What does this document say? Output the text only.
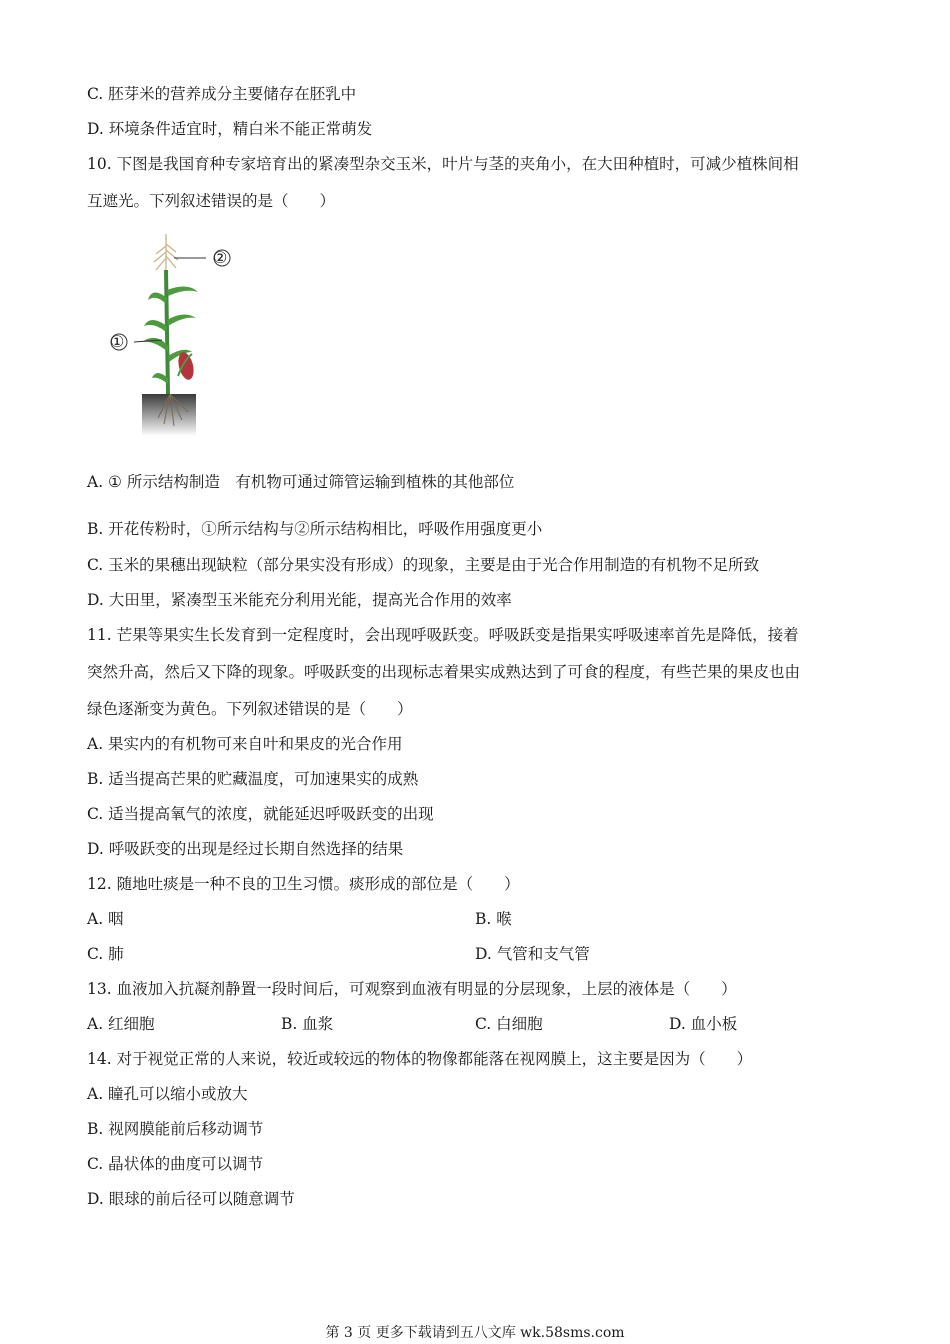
C. 胚芽米的营养成分主要储存在胚乳中
D. 环境条件适宜时，精白米不能正常萌发
10. 下图是我国育种专家培育出的紧凑型杂交玉米，叶片与茎的夹角小，在大田种植时，可减少植株间相
互遮光。下列叙述错误的是（　　）
②
①
A. ① 所示结构制造　有机物可通过筛管运输到植株的其他部位
B. 开花传粉时，①所示结构与②所示结构相比，呼吸作用强度更小
C. 玉米的果穗出现缺粒（部分果实没有形成）的现象，主要是由于光合作用制造的有机物不足所致
D. 大田里，紧凑型玉米能充分利用光能，提高光合作用的效率
11. 芒果等果实生长发育到一定程度时，会出现呼吸跃变。呼吸跃变是指果实呼吸速率首先是降低，接着
突然升高，然后又下降的现象。呼吸跃变的出现标志着果实成熟达到了可食的程度，有些芒果的果皮也由
绿色逐渐变为黄色。下列叙述错误的是（　　）
A. 果实内的有机物可来自叶和果皮的光合作用
B. 适当提高芒果的贮藏温度，可加速果实的成熟
C. 适当提高氧气的浓度，就能延迟呼吸跃变的出现
D. 呼吸跃变的出现是经过长期自然选择的结果
12. 随地吐痰是一种不良的卫生习惯。痰形成的部位是（　　）
A. 咽	B. 喉
C. 肺	D. 气管和支气管
13. 血液加入抗凝剂静置一段时间后，可观察到血液有明显的分层现象，上层的液体是（　　）
A. 红细胞	B. 血浆	C. 白细胞	D. 血小板
14. 对于视觉正常的人来说，较近或较远的物体的物像都能落在视网膜上，这主要是因为（　　）
A. 瞳孔可以缩小或放大
B. 视网膜能前后移动调节
C. 晶状体的曲度可以调节
D. 眼球的前后径可以随意调节
第 3 页 更多下载请到五八文库 wk.58sms.com
